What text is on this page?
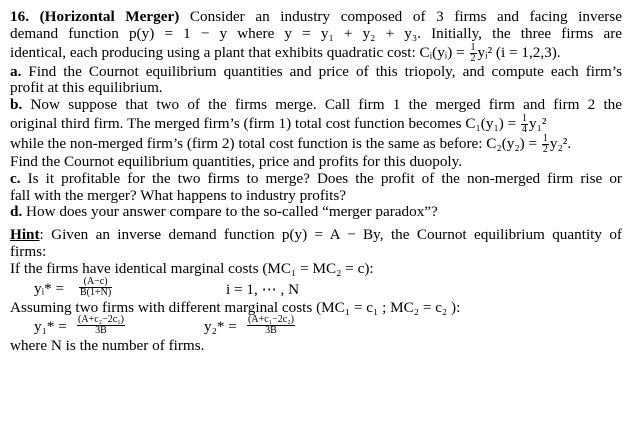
16. (Horizontal Merger) Consider an industry composed of 3 firms and facing inverse
demand function p(y) = 1 − y where y = y₁ + y₂ + y₃. Initially, the three firms are
identical, each producing using a plant that exhibits quadratic cost: Cᵢ(yᵢ) = $\frac{1}{2}$ yᵢ² (i = 1,2,3).
a. Find the Cournot equilibrium quantities and price of this triopoly, and compute each firm’s
profit at this equilibrium.
b. Now suppose that two of the firms merge. Call firm 1 the merged firm and firm 2 the
original third firm. The merged firm’s (firm 1) total cost function becomes $C_1(y_1) = \frac{1}{4} y_1^2$
while the non-merged firm’s (firm 2) total cost function is the same as before: $C_2(y_2) = \frac{1}{2} y_2^2$.
Find the Cournot equilibrium quantities, price and profits for this duopoly.
c. Is it profitable for the two firms to merge? Does the profit of the non-merged firm rise or
fall with the merger? What happens to industry profits?
d. How does your answer compare to the so-called “merger paradox”?
Hint: Given an inverse demand function p(y) = A − By, the Cournot equilibrium quantity of
firms:
If the firms have identical marginal costs (MC₁ = MC₂ = c):
yᵢ* = $\frac{(A-c)}{B(1+N)}$	i = 1, ⋯ , N
Assuming two firms with different marginal costs (MC₁ = c₁ ; MC₂ = c₂ ):
$y_1* = \frac{\text{(A+c₂−2c₁)}}{3B}$	$y_2* = \frac{\text{(A+c₁−2c₂)}}{3B}$
where N is the number of firms.
